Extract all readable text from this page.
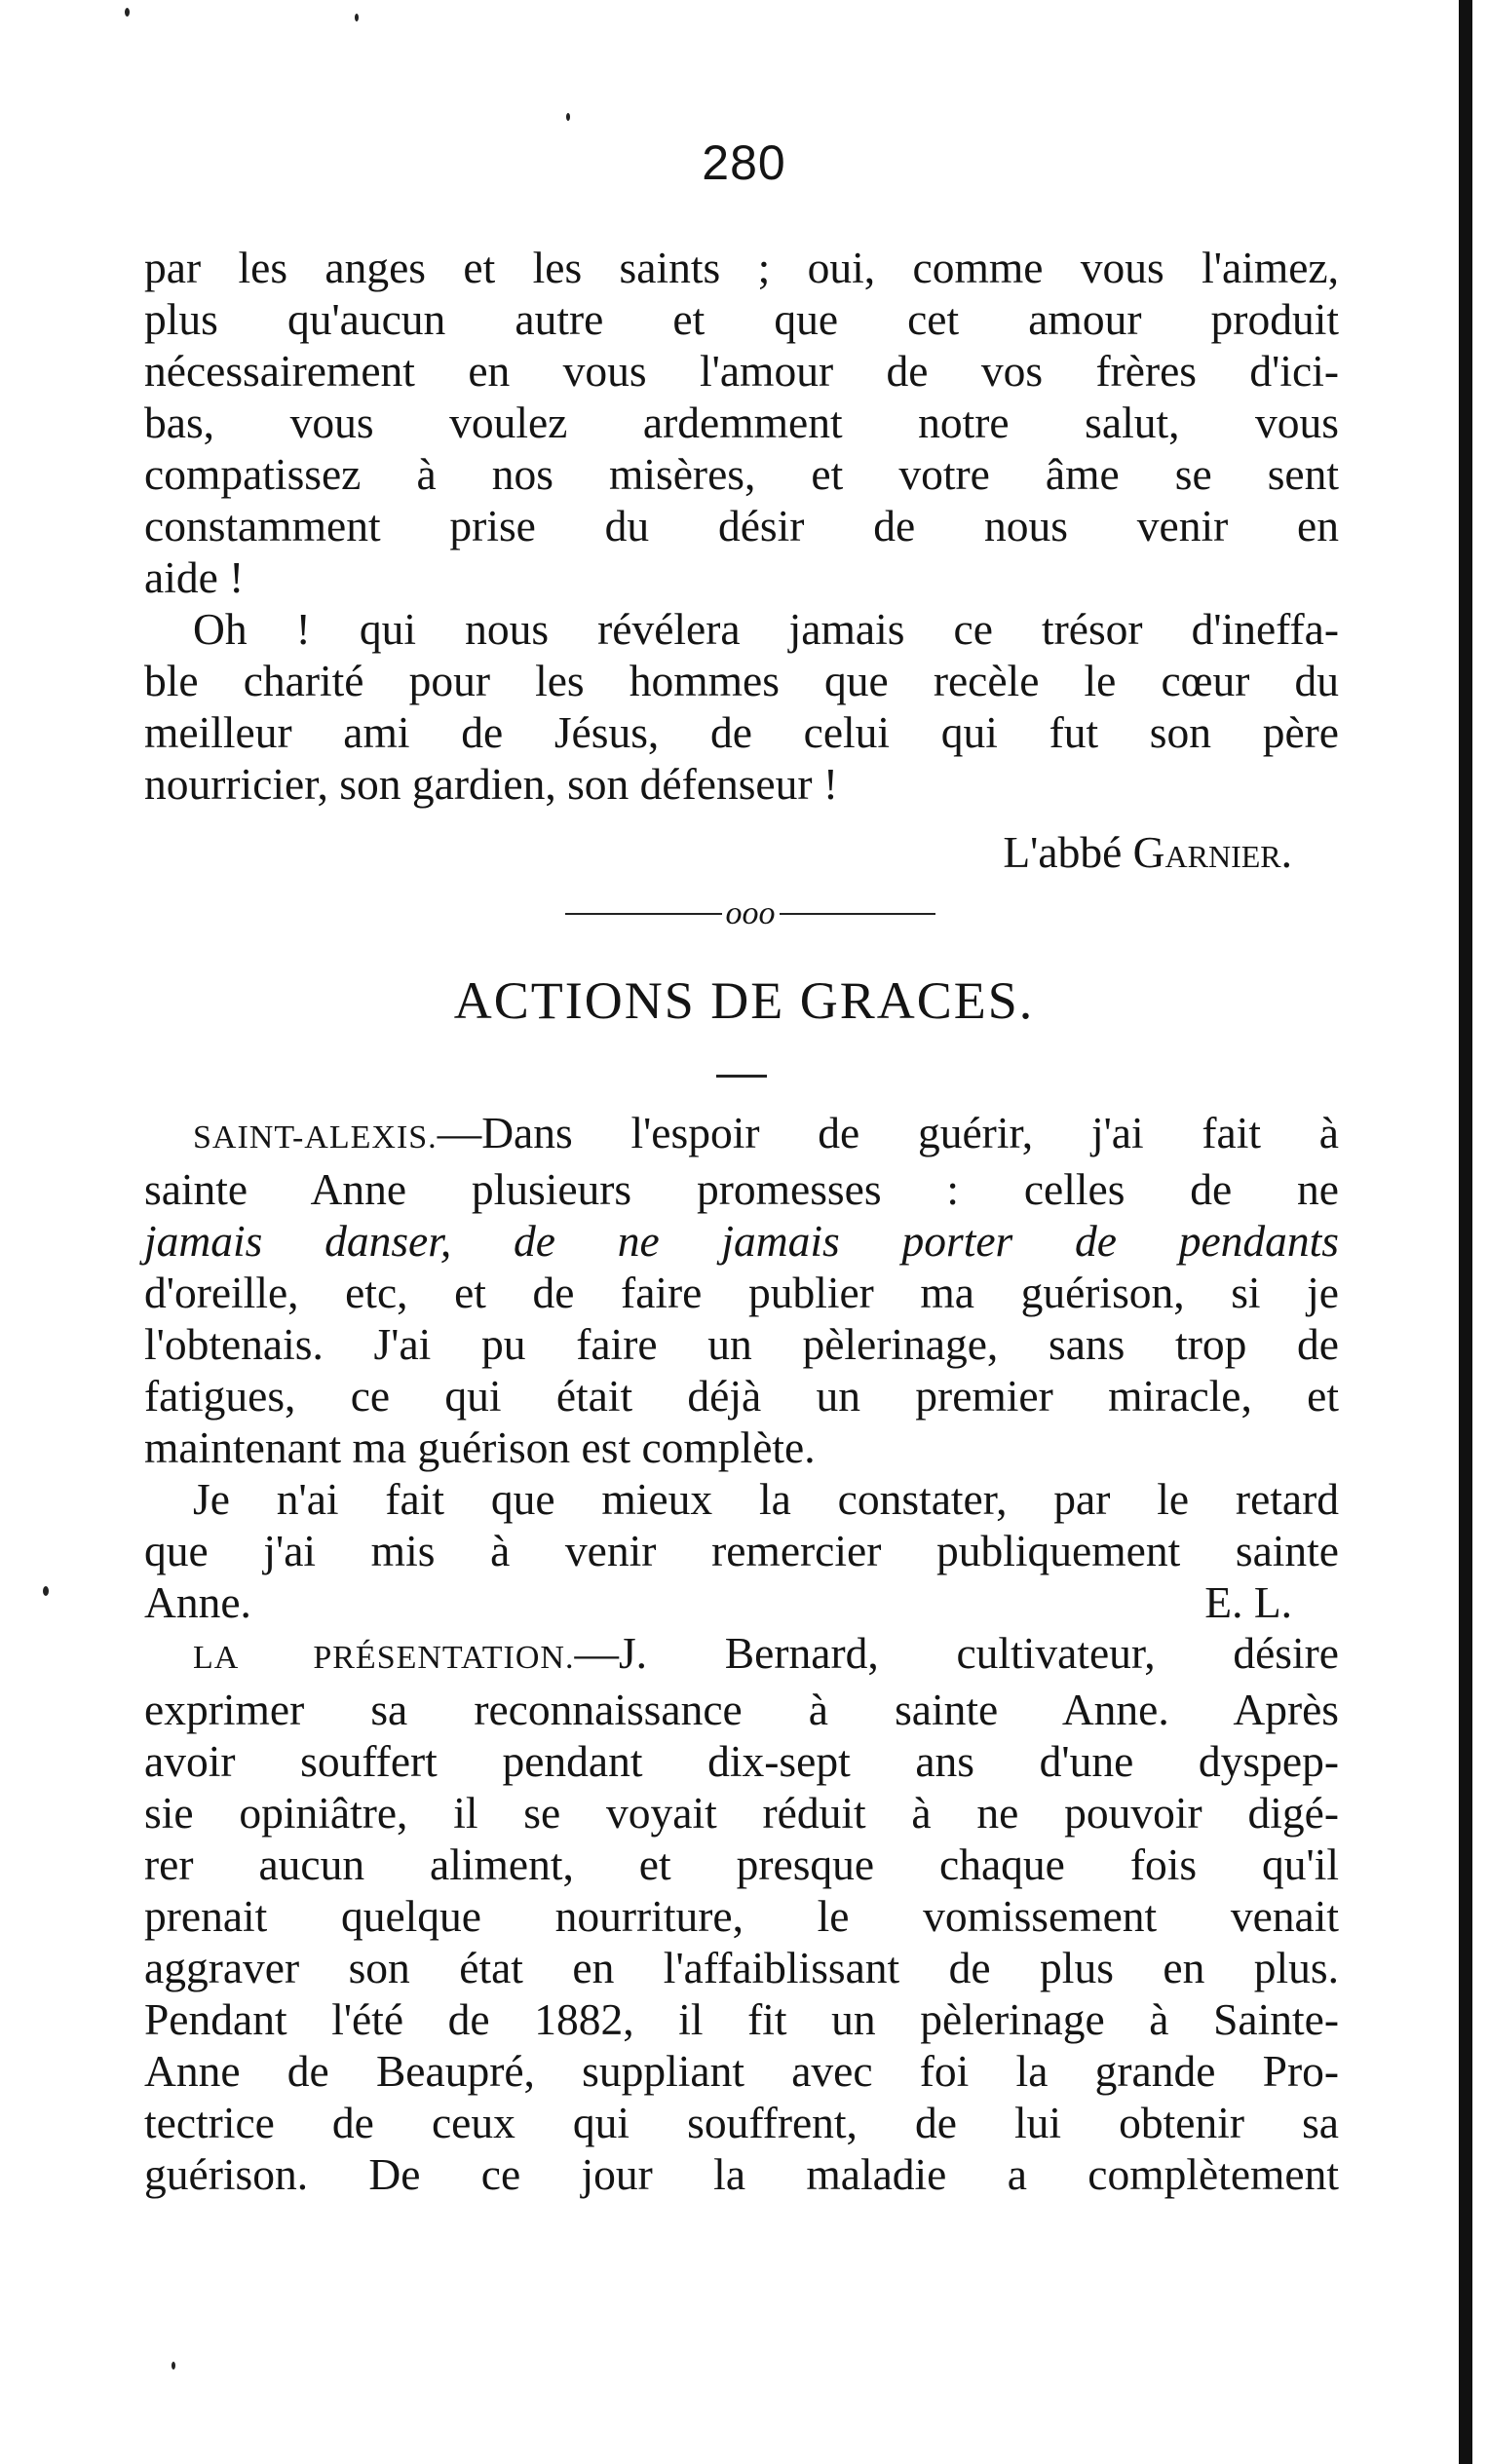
280
par les anges et les saints ; oui, comme vous l'aimez,
plus qu'aucun autre et que cet amour produit
nécessairement en vous l'amour de vos frères d'ici-
bas, vous voulez ardemment notre salut, vous
compatissez à nos misères, et votre âme se sent
constamment prise du désir de nous venir en
aide !
Oh ! qui nous révélera jamais ce trésor d'ineffa-
ble charité pour les hommes que recèle le cœur du
meilleur ami de Jésus, de celui qui fut son père
nourricier, son gardien, son défenseur !
L'abbé Garnier.
ooo
ACTIONS DE GRACES.
SAINT-ALEXIS.—Dans l'espoir de guérir, j'ai fait à
sainte Anne plusieurs promesses : celles de ne
jamais danser, de ne jamais porter de pendants
d'oreille, etc, et de faire publier ma guérison, si je
l'obtenais. J'ai pu faire un pèlerinage, sans trop de
fatigues, ce qui était déjà un premier miracle, et
maintenant ma guérison est complète.
Je n'ai fait que mieux la constater, par le retard
que j'ai mis à venir remercier publiquement sainte
Anne.	E. L.
LA PRÉSENTATION.—J. Bernard, cultivateur, désire
exprimer sa reconnaissance à sainte Anne. Après
avoir souffert pendant dix-sept ans d'une dyspep-
sie opiniâtre, il se voyait réduit à ne pouvoir digé-
rer aucun aliment, et presque chaque fois qu'il
prenait quelque nourriture, le vomissement venait
aggraver son état en l'affaiblissant de plus en plus.
Pendant l'été de 1882, il fit un pèlerinage à Sainte-
Anne de Beaupré, suppliant avec foi la grande Pro-
tectrice de ceux qui souffrent, de lui obtenir sa
guérison. De ce jour la maladie a complètement
